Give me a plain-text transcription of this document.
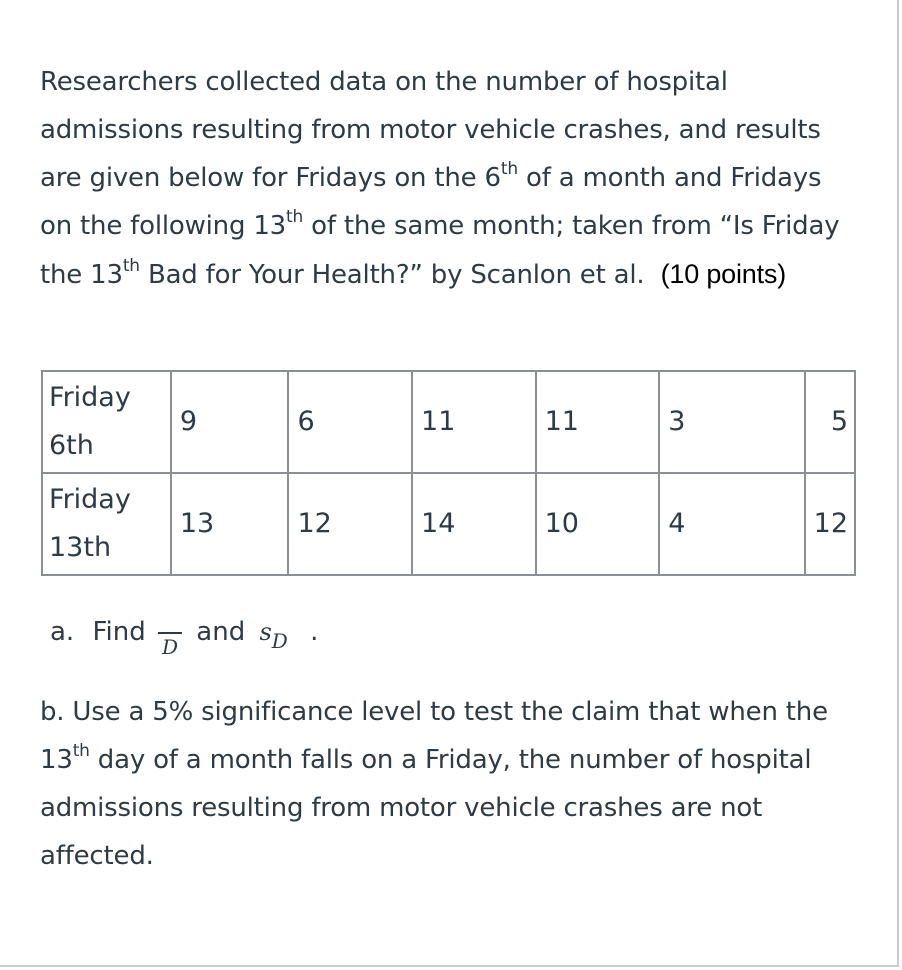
Researchers collected data on the number of hospital admissions resulting from motor vehicle crashes, and results are given below for Fridays on the 6th of a month and Fridays on the following 13th of the same month; taken from “Is Friday the 13th Bad for Your Health?” by Scanlon et al. (10 points)

Friday
6th	9	6	11	11	3	5

Friday
13th	13	12	14	10	4	12
a. Find D and $s_D$ .

b. Use a 5% significance level to test the claim that when the 13th day of a month falls on a Friday, the number of hospital admissions resulting from motor vehicle crashes are not affected.
